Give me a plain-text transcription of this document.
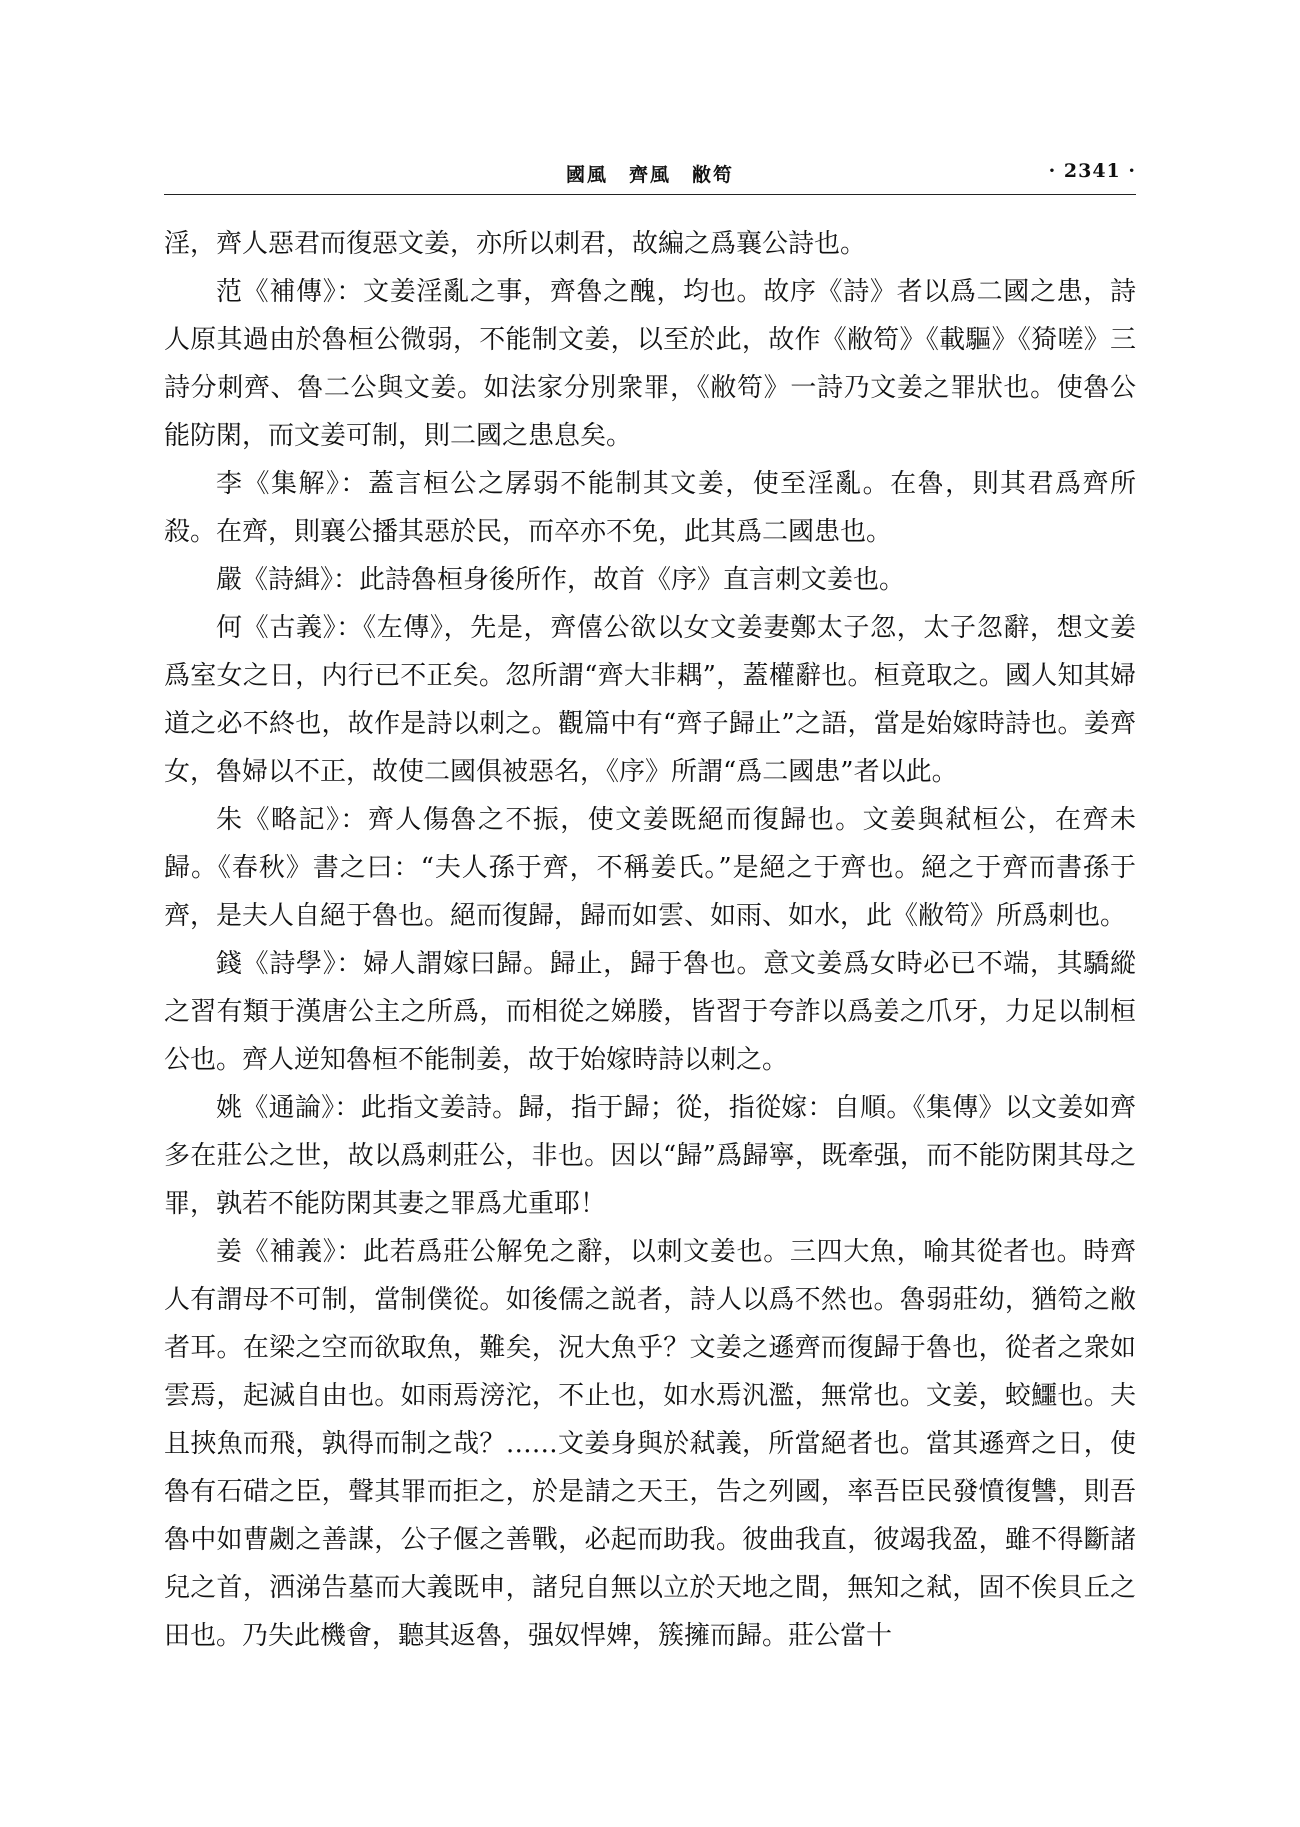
國風　齊風　敝笱	· 2341 ·

淫，齊人惡君而復惡文姜，亦所以刺君，故編之爲襄公詩也。

范《補傳》：文姜淫亂之事，齊魯之醜，均也。故序《詩》者以爲二國之患，詩人原其過由於魯桓公微弱，不能制文姜，以至於此，故作《敝笱》《載驅》《猗嗟》三詩分刺齊、魯二公與文姜。如法家分別衆罪，《敝笱》一詩乃文姜之罪狀也。使魯公能防閑，而文姜可制，則二國之患息矣。

李《集解》：蓋言桓公之孱弱不能制其文姜，使至淫亂。在魯，則其君爲齊所殺。在齊，則襄公播其惡於民，而卒亦不免，此其爲二國患也。

嚴《詩緝》：此詩魯桓身後所作，故首《序》直言刺文姜也。

何《古義》：《左傳》，先是，齊僖公欲以女文姜妻鄭太子忽，太子忽辭，想文姜爲室女之日，内行已不正矣。忽所謂“齊大非耦”，蓋權辭也。桓竟取之。國人知其婦道之必不終也，故作是詩以刺之。觀篇中有“齊子歸止”之語，當是始嫁時詩也。姜齊女，魯婦以不正，故使二國俱被惡名，《序》所謂“爲二國患”者以此。

朱《略記》：齊人傷魯之不振，使文姜既絕而復歸也。文姜與弒桓公，在齊未歸。《春秋》書之曰：“夫人孫于齊，不稱姜氏。”是絕之于齊也。絕之于齊而書孫于齊，是夫人自絕于魯也。絕而復歸，歸而如雲、如雨、如水，此《敝笱》所爲刺也。

錢《詩學》：婦人謂嫁曰歸。歸止，歸于魯也。意文姜爲女時必已不端，其驕縱之習有類于漢唐公主之所爲，而相從之娣媵，皆習于夸詐以爲姜之爪牙，力足以制桓公也。齊人逆知魯桓不能制姜，故于始嫁時詩以刺之。

姚《通論》：此指文姜詩。歸，指于歸；從，指從嫁：自順。《集傳》以文姜如齊多在莊公之世，故以爲刺莊公，非也。因以“歸”爲歸寧，既牽强，而不能防閑其母之罪，孰若不能防閑其妻之罪爲尤重耶！

姜《補義》：此若爲莊公解免之辭，以刺文姜也。三四大魚，喻其從者也。時齊人有謂母不可制，當制僕從。如後儒之説者，詩人以爲不然也。魯弱莊幼，猶笱之敝者耳。在梁之空而欲取魚，難矣，況大魚乎？文姜之遜齊而復歸于魯也，從者之衆如雲焉，起滅自由也。如雨焉滂沱，不止也，如水焉汎濫，無常也。文姜，蛟鱷也。夫且挾魚而飛，孰得而制之哉？……文姜身與於弒義，所當絕者也。當其遜齊之日，使魯有石碏之臣，聲其罪而拒之，於是請之天王，告之列國，率吾臣民發憤復讐，則吾魯中如曹劌之善謀，公子偃之善戰，必起而助我。彼曲我直，彼竭我盈，雖不得斷諸兒之首，洒涕告墓而大義既申，諸兒自無以立於天地之間，無知之弒，固不俟貝丘之田也。乃失此機會，聽其返魯，强奴悍婢，簇擁而歸。莊公當十
